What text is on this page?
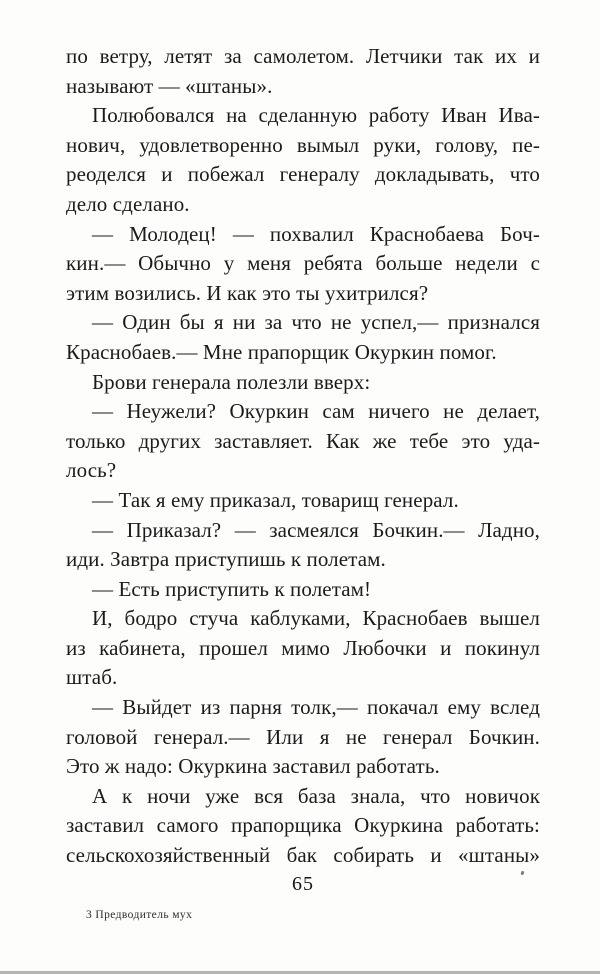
по ветру, летят за самолетом. Летчики так их и
называют — «штаны».
Полюбовался на сделанную работу Иван Ива-
нович, удовлетворенно вымыл руки, голову, пе-
реоделся и побежал генералу докладывать, что
дело сделано.
— Молодец! — похвалил Краснобаева Боч-
кин.— Обычно у меня ребята больше недели с
этим возились. И как это ты ухитрился?
— Один бы я ни за что не успел,— признался
Краснобаев.— Мне прапорщик Окуркин помог.
Брови генерала полезли вверх:
— Неужели? Окуркин сам ничего не делает,
только других заставляет. Как же тебе это уда-
лось?
— Так я ему приказал, товарищ генерал.
— Приказал? — засмеялся Бочкин.— Ладно,
иди. Завтра приступишь к полетам.
— Есть приступить к полетам!
И, бодро стуча каблуками, Краснобаев вышел
из кабинета, прошел мимо Любочки и покинул
штаб.
— Выйдет из парня толк,— покачал ему вслед
головой генерал.— Или я не генерал Бочкин.
Это ж надо: Окуркина заставил работать.
А к ночи уже вся база знала, что новичок
заставил самого прапорщика Окуркина работать:
сельскохозяйственный бак собирать и «штаны»
65
3 Предводитель мух
